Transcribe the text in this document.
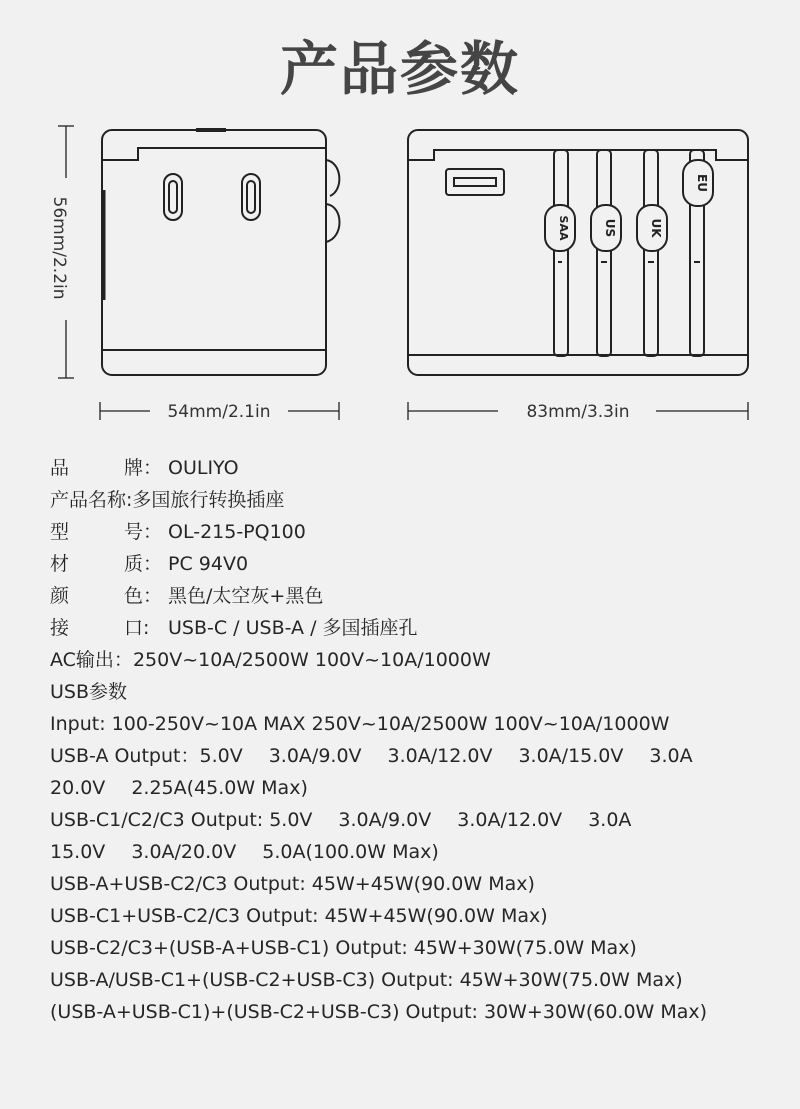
产品参数
56mm/2.2in
54mm/2.1in
SAA	US	UK
EU
83mm/3.3in
品	牌： OULIYO
产品名称:多国旅行转换插座
型	号： OL-215-PQ100
材	质： PC 94V0
颜	色： 黑色/太空灰+黑色
接	口: USB-C / USB-A / 多国插座孔
AC输出：250V~10A/2500W 100V~10A/1000W
USB参数
Input: 100-250V~10A MAX 250V~10A/2500W 100V~10A/1000W
USB-A Output：5.0V 3.0A/9.0V 3.0A/12.0V 3.0A/15.0V 3.0A
20.0V 2.25A(45.0W Max)
USB-C1/C2/C3 Output: 5.0V 3.0A/9.0V 3.0A/12.0V 3.0A
15.0V 3.0A/20.0V 5.0A(100.0W Max)
USB-A+USB-C2/C3 Output: 45W+45W(90.0W Max)
USB-C1+USB-C2/C3 Output: 45W+45W(90.0W Max)
USB-C2/C3+(USB-A+USB-C1) Output: 45W+30W(75.0W Max)
USB-A/USB-C1+(USB-C2+USB-C3) Output: 45W+30W(75.0W Max)
(USB-A+USB-C1)+(USB-C2+USB-C3) Output: 30W+30W(60.0W Max)
